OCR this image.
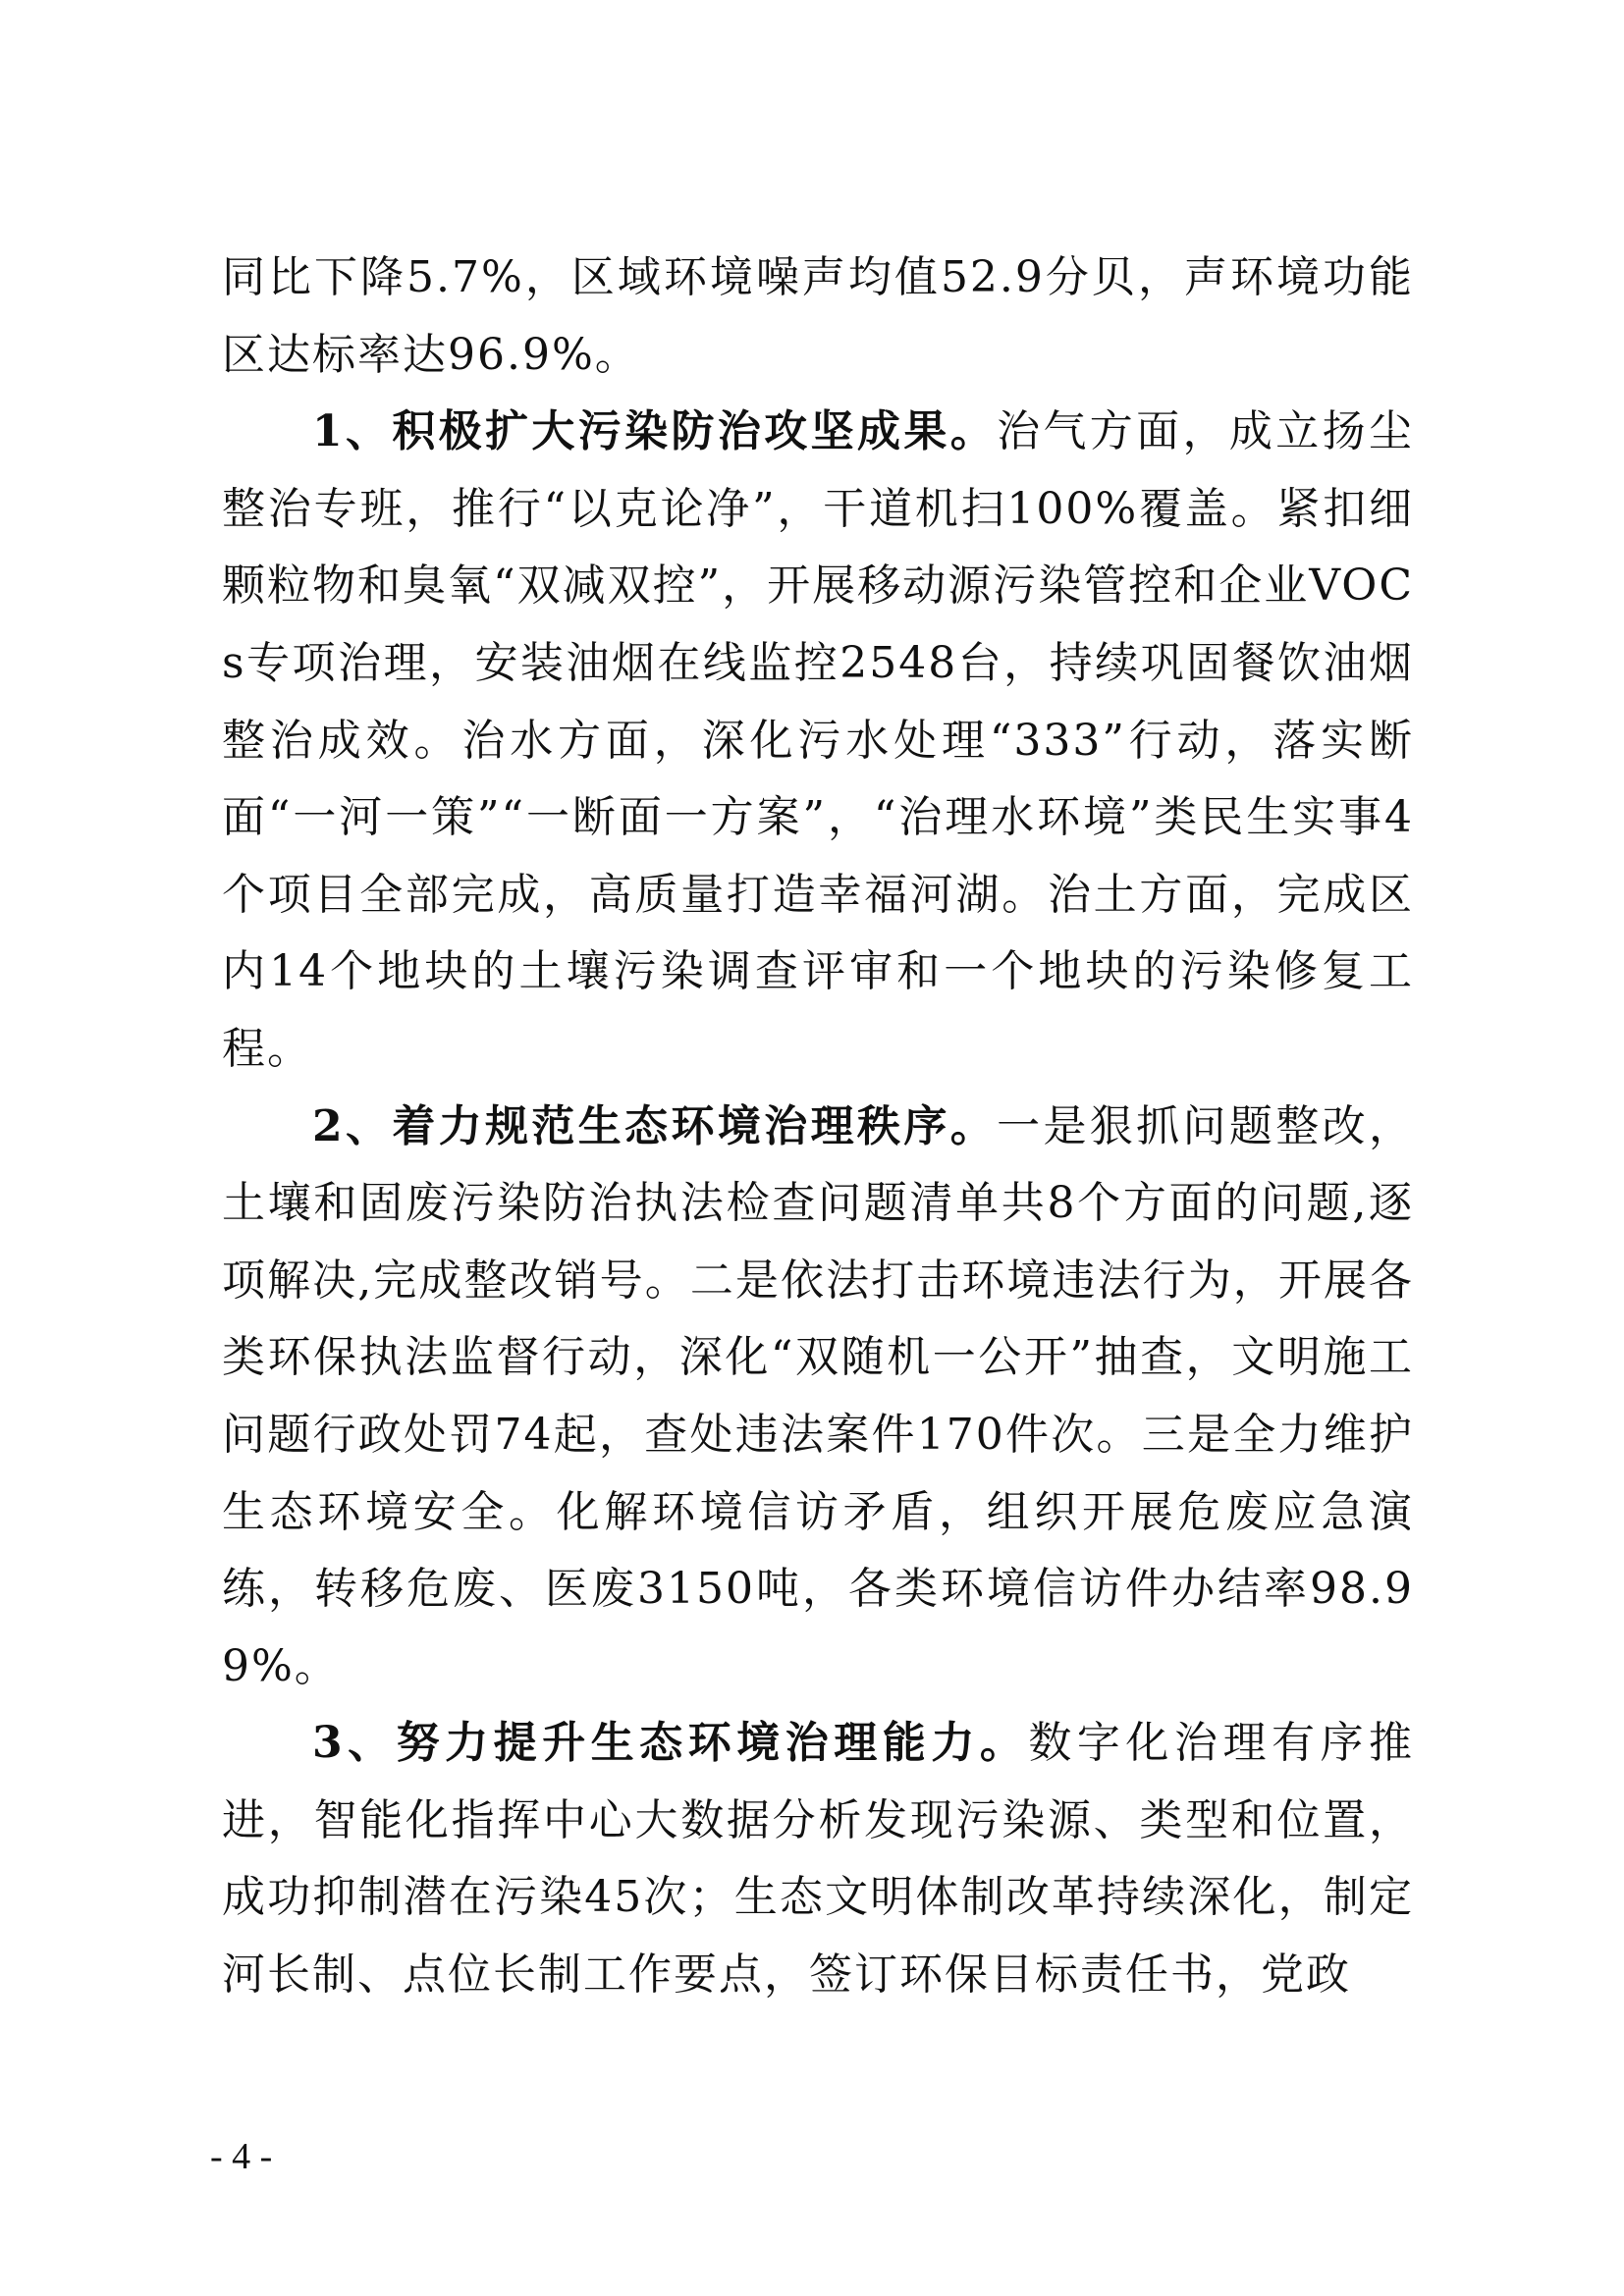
同比下降5.7%，区域环境噪声均值52.9分贝，声环境功能区达标率达96.9%。

1、积极扩大污染防治攻坚成果。治气方面，成立扬尘整治专班，推行“以克论净”，干道机扫100%覆盖。紧扣细颗粒物和臭氧“双减双控”，开展移动源污染管控和企业VOCs专项治理，安装油烟在线监控2548台，持续巩固餐饮油烟整治成效。治水方面，深化污水处理“333”行动，落实断面“一河一策”“一断面一方案”，“治理水环境”类民生实事4个项目全部完成，高质量打造幸福河湖。治土方面，完成区内14个地块的土壤污染调查评审和一个地块的污染修复工程。

2、着力规范生态环境治理秩序。一是狠抓问题整改，土壤和固废污染防治执法检查问题清单共8个方面的问题,逐项解决,完成整改销号。二是依法打击环境违法行为，开展各类环保执法监督行动，深化“双随机一公开”抽查，文明施工问题行政处罚74起，查处违法案件170件次。三是全力维护生态环境安全。化解环境信访矛盾，组织开展危废应急演练，转移危废、医废3150吨，各类环境信访件办结率98.99%。

3、努力提升生态环境治理能力。数字化治理有序推进，智能化指挥中心大数据分析发现污染源、类型和位置，成功抑制潜在污染45次；生态文明体制改革持续深化，制定河长制、点位长制工作要点，签订环保目标责任书，党政

- 4 -
